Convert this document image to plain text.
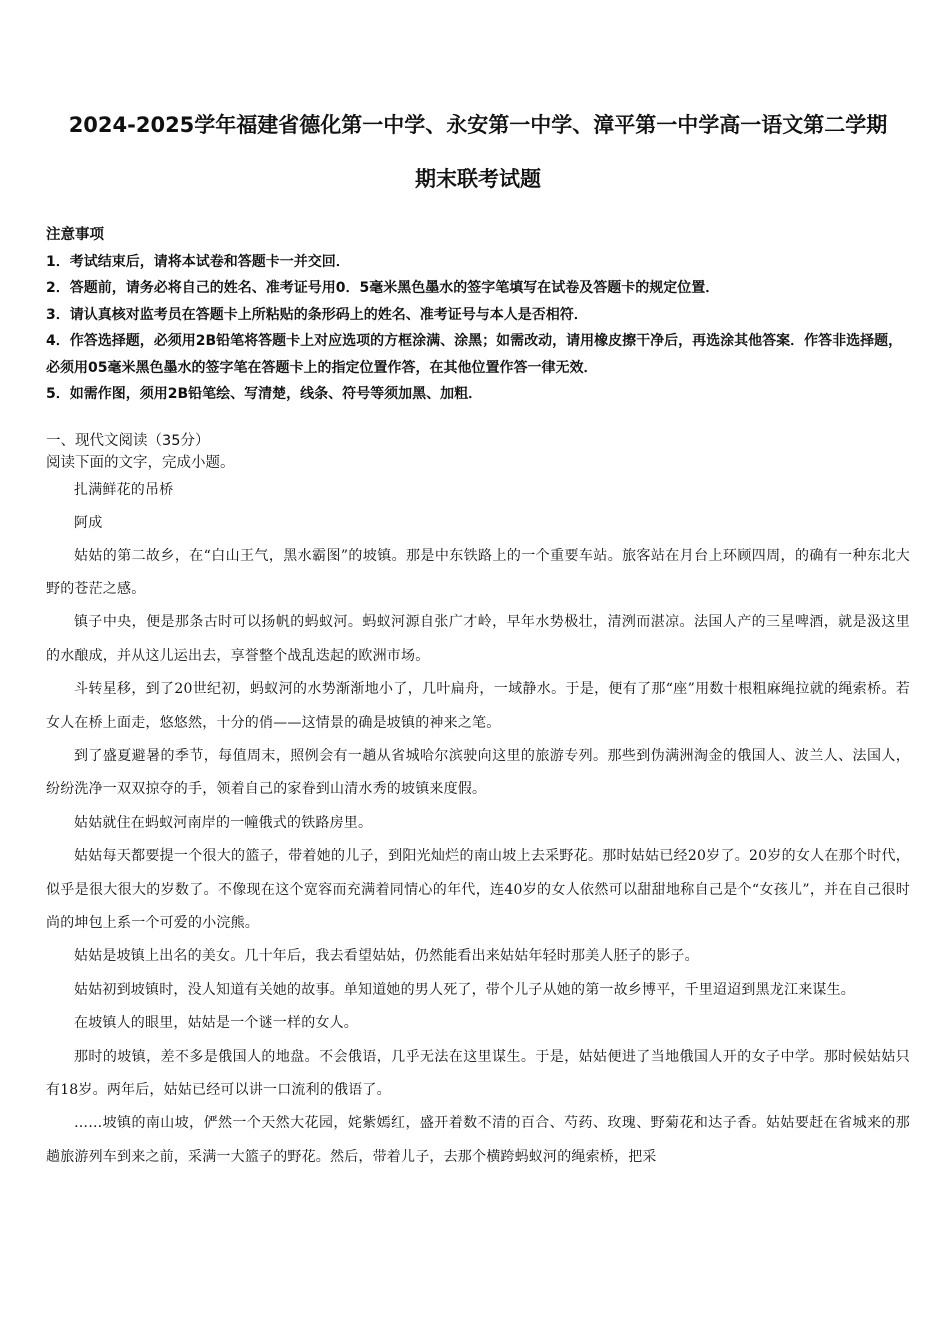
2024-2025学年福建省德化第一中学、永安第一中学、漳平第一中学高一语文第二学期
期末联考试题
注意事项
1．考试结束后，请将本试卷和答题卡一并交回．
2．答题前，请务必将自己的姓名、准考证号用0．5毫米黑色墨水的签字笔填写在试卷及答题卡的规定位置．
3．请认真核对监考员在答题卡上所粘贴的条形码上的姓名、准考证号与本人是否相符．
4．作答选择题，必须用2B铅笔将答题卡上对应选项的方框涂满、涂黑；如需改动，请用橡皮擦干净后，再选涂其他答案．作答非选择题，必须用05毫米黑色墨水的签字笔在答题卡上的指定位置作答，在其他位置作答一律无效．
5．如需作图，须用2B铅笔绘、写清楚，线条、符号等须加黑、加粗．
一、现代文阅读（35分）
阅读下面的文字，完成小题。

扎满鲜花的吊桥

阿成

姑姑的第二故乡，在“白山王气，黑水霸图”的坡镇。那是中东铁路上的一个重要车站。旅客站在月台上环顾四周，的确有一种东北大野的苍茫之感。

镇子中央，便是那条古时可以扬帆的蚂蚁河。蚂蚁河源自张广才岭，早年水势极壮，清洌而湛凉。法国人产的三星啤酒，就是汲这里的水酿成，并从这儿运出去，享誉整个战乱迭起的欧洲市场。

斗转星移，到了20世纪初，蚂蚁河的水势渐渐地小了，几叶扁舟，一域静水。于是，便有了那“座”用数十根粗麻绳拉就的绳索桥。若女人在桥上面走，悠悠然，十分的俏——这情景的确是坡镇的神来之笔。

到了盛夏避暑的季节，每值周末，照例会有一趟从省城哈尔滨驶向这里的旅游专列。那些到伪满洲淘金的俄国人、波兰人、法国人，纷纷洗净一双双掠夺的手，领着自己的家眷到山清水秀的坡镇来度假。

姑姑就住在蚂蚁河南岸的一幢俄式的铁路房里。

姑姑每天都要提一个很大的篮子，带着她的儿子，到阳光灿烂的南山坡上去采野花。那时姑姑已经20岁了。20岁的女人在那个时代，似乎是很大很大的岁数了。不像现在这个宽容而充满着同情心的年代，连40岁的女人依然可以甜甜地称自己是个“女孩儿”，并在自己很时尚的坤包上系一个可爱的小浣熊。

姑姑是坡镇上出名的美女。几十年后，我去看望姑姑，仍然能看出来姑姑年轻时那美人胚子的影子。

姑姑初到坡镇时，没人知道有关她的故事。单知道她的男人死了，带个儿子从她的第一故乡博平，千里迢迢到黑龙江来谋生。

在坡镇人的眼里，姑姑是一个谜一样的女人。

那时的坡镇，差不多是俄国人的地盘。不会俄语，几乎无法在这里谋生。于是，姑姑便进了当地俄国人开的女子中学。那时候姑姑只有18岁。两年后，姑姑已经可以讲一口流利的俄语了。

……坡镇的南山坡，俨然一个天然大花园，姹紫嫣红，盛开着数不清的百合、芍药、玫瑰、野菊花和达子香。姑姑要赶在省城来的那趟旅游列车到来之前，采满一大篮子的野花。然后，带着儿子，去那个横跨蚂蚁河的绳索桥，把采
